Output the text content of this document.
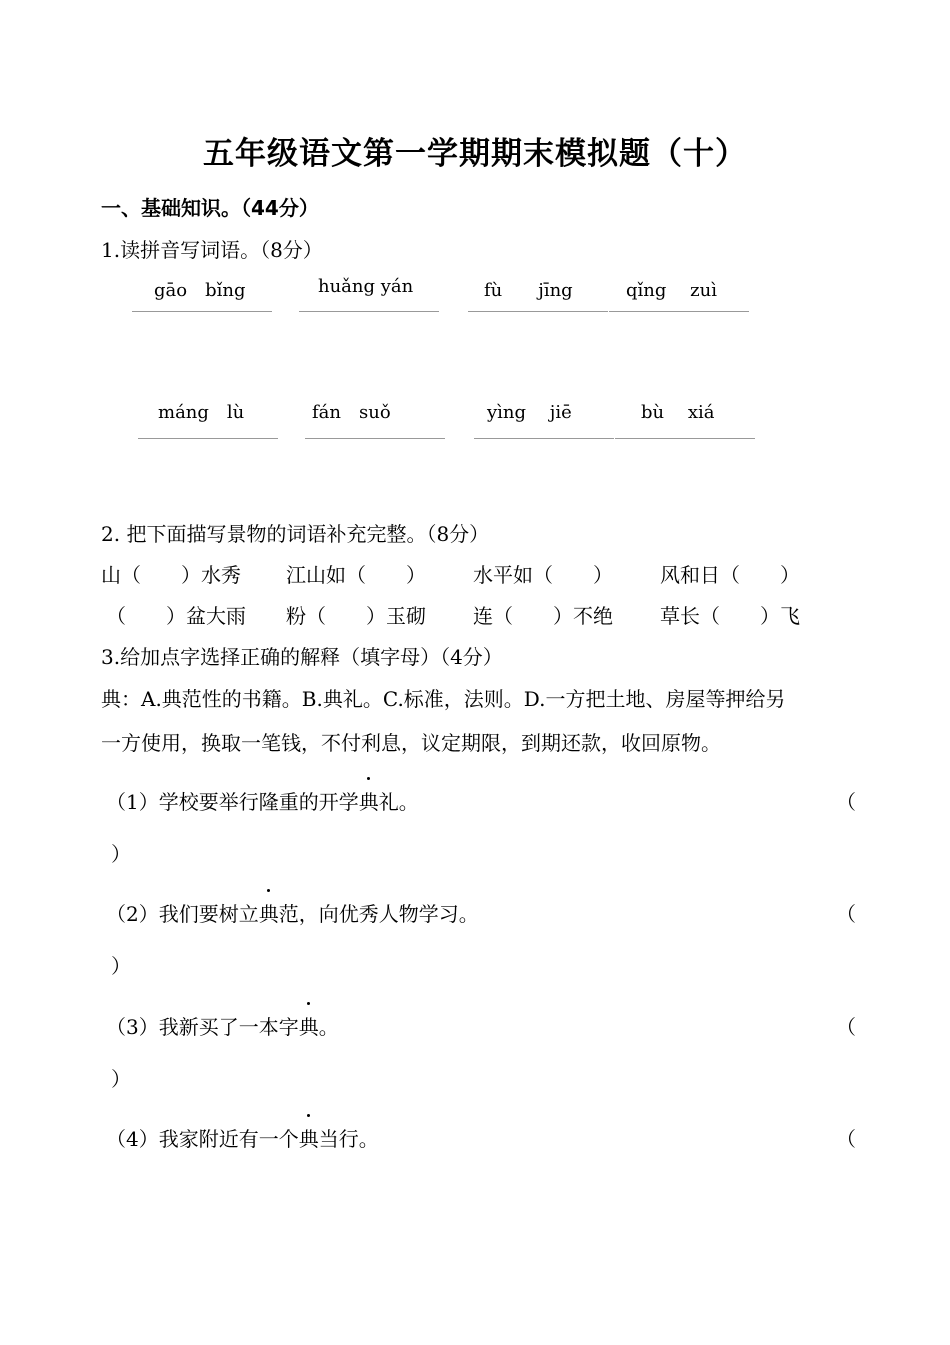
五年级语文第一学期期末模拟题（十）
一、基础知识。（44分）
1.读拼音写词语。（8分）
gāo　bǐng	huǎng yán	fù　　jīng	qǐng　 zuì
máng　lù	fán　suǒ	yìng　 jiē	bù　 xiá
2. 把下面描写景物的词语补充完整。（8分）
山（　　）水秀 江山如（　　） 水平如（　　） 风和日（　　）
（　　）盆大雨 粉（　　）玉砌 连（　　）不绝 草长（　　）飞
3.给加点字选择正确的解释（填字母）（4分）
典：A.典范性的书籍。B.典礼。C.标准，法则。D.一方把土地、房屋等押给另
一方使用，换取一笔钱，不付利息，议定期限，到期还款，收回原物。
（1）学校要举行隆重的开学典礼。	（
）
（2）我们要树立典范，向优秀人物学习。	（
）
（3）我新买了一本字典。	（
）
（4）我家附近有一个典当行。	（
